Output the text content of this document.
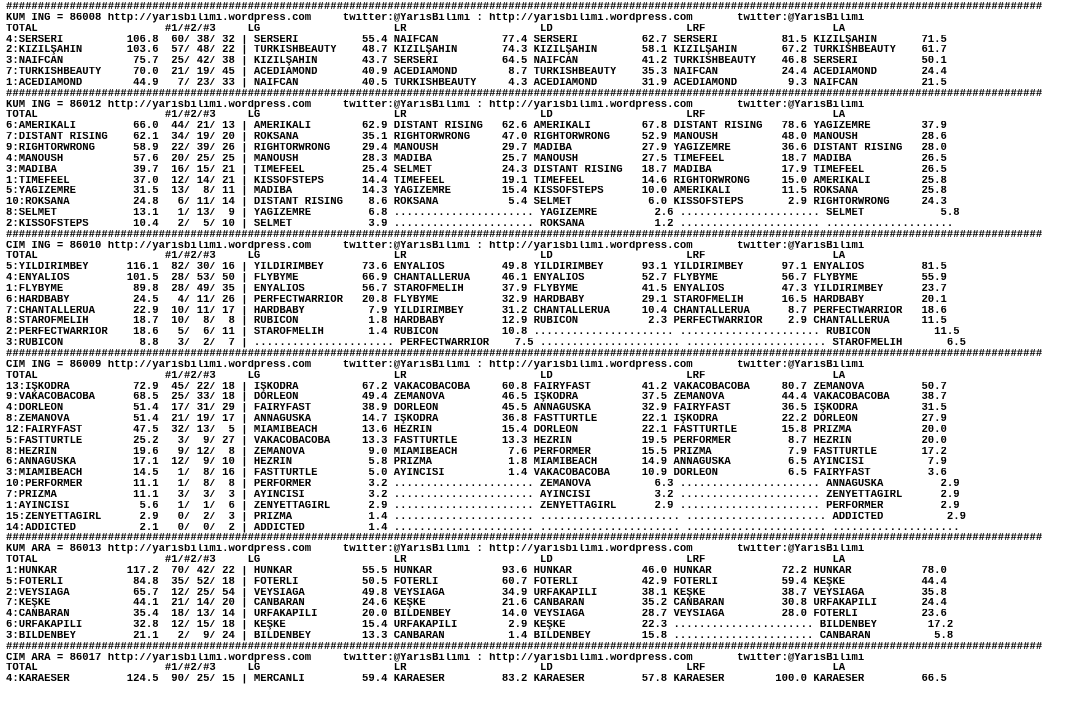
###################################################################################################################################################################
KUM ING = 86008 http://yarisbilimi.wordpress.com     twitter:@YarisBilimi : http://yarisbilimi.wordpress.com       twitter:@YarisBilimi
TOTAL                    #1/#2/#3     LG                     LR                     LD                     LRF                    LA
4:SERSERİ          106.8  60/ 38/ 32 | SERSERİ          55.4 NAİFCAN          77.4 SERSERİ          62.7 SERSERİ          81.5 KIZILŞAHİN       71.5
2:KIZILŞAHİN       103.6  57/ 48/ 22 | TURKISHBEAUTY    48.7 KIZILŞAHİN       74.3 KIZILŞAHİN       58.1 KIZILŞAHİN       67.2 TURKISHBEAUTY    61.7
3:NAİFCAN           75.7  25/ 42/ 38 | KIZILŞAHİN       43.7 SERSERİ          64.5 NAİFCAN          41.2 TURKISHBEAUTY    46.8 SERSERİ          50.1
7:TURKISHBEAUTY     70.0  21/ 19/ 45 | ACEDIAMOND       40.9 ACEDIAMOND        8.7 TURKISHBEAUTY    35.3 NAİFCAN          24.4 ACEDIAMOND       24.4
1:ACEDIAMOND        44.9   7/ 23/ 33 | NAİFCAN          40.5 TURKISHBEAUTY     4.3 ACEDIAMOND       31.9 ACEDIAMOND        9.3 NAİFCAN          21.5
###################################################################################################################################################################
KUM ING = 86012 http://yarisbilimi.wordpress.com     twitter:@YarisBilimi : http://yarisbilimi.wordpress.com       twitter:@YarisBilimi
TOTAL                    #1/#2/#3     LG                     LR                     LD                     LRF                    LA
6:AMERİKALI         66.0  44/ 21/ 13 | AMERİKALI        62.9 DISTANT RISING   62.6 AMERİKALI        67.8 DISTANT RISING   78.6 YAĞIZEMRE        37.9
7:DISTANT RISING    62.1  34/ 19/ 20 | ROKSANA          35.1 RIGHTORWRONG     47.0 RIGHTORWRONG     52.9 MANOUSH          48.0 MANOUSH          28.6
9:RIGHTORWRONG      58.9  22/ 39/ 26 | RIGHTORWRONG     29.4 MANOUSH          29.7 MADIBA           27.9 YAĞIZEMRE        36.6 DISTANT RISING   28.0
4:MANOUSH           57.6  20/ 25/ 25 | MANOUSH          28.3 MADIBA           25.7 MANOUSH          27.5 TIMEFEEL         18.7 MADIBA           26.5
3:MADIBA            39.7  16/ 15/ 21 | TIMEFEEL         25.4 SELMET           24.3 DISTANT RISING   18.7 MADIBA           17.9 TIMEFEEL         26.5
1:TIMEFEEL          37.0  12/ 14/ 21 | KISSOFSTEPS      14.4 TIMEFEEL         19.1 TIMEFEEL         14.6 RIGHTORWRONG     15.0 AMERİKALI        25.8
5:YAĞIZEMRE         31.5  13/  8/ 11 | MADIBA           14.3 YAĞIZEMRE        15.4 KISSOFSTEPS      10.0 AMERİKALI        11.5 ROKSANA          25.8
10:ROKSANA          24.8   6/ 11/ 14 | DISTANT RISING    8.6 ROKSANA           5.4 SELMET            6.0 KISSOFSTEPS       2.9 RIGHTORWRONG     24.3
8:SELMET            13.1   1/ 13/  9 | YAĞIZEMRE         6.8 ...................... YAĞIZEMRE         2.6 ...................... SELMET            5.8
2:KISSOFSTEPS       10.4   2/  5/ 10 | SELMET            3.9 ...................... ROKSANA           1.2 ...................... ....................
###################################################################################################################################################################
CIM ING = 86010 http://yarisbilimi.wordpress.com     twitter:@YarisBilimi : http://yarisbilimi.wordpress.com       twitter:@YarisBilimi
TOTAL                    #1/#2/#3     LG                     LR                     LD                     LRF                    LA
5:YILDIRIMBEY      116.1  82/ 30/ 16 | YILDIRIMBEY      73.6 ENYALIOS         49.8 YILDIRIMBEY      93.1 YILDIRIMBEY      97.1 ENYALIOS         81.5
4:ENYALIOS         101.5  28/ 53/ 50 | FLYBYME          66.9 CHANTALLERUA     46.1 ENYALIOS         52.7 FLYBYME          56.7 FLYBYME          55.9
1:FLYBYME           89.8  28/ 49/ 35 | ENYALIOS         56.7 STAROFMELİH      37.9 FLYBYME          41.5 ENYALIOS         47.3 YILDIRIMBEY      23.7
6:HARDBABY          24.5   4/ 11/ 26 | PERFECTWARRIOR   20.8 FLYBYME          32.9 HARDBABY         29.1 STAROFMELİH      16.5 HARDBABY         20.1
7:CHANTALLERUA      22.9  10/ 11/ 17 | HARDBABY          7.9 YILDIRIMBEY      31.2 CHANTALLERUA     10.4 CHANTALLERUA      8.7 PERFECTWARRIOR   18.6
8:STAROFMELİH       18.7  10/  8/  8 | RUBICON           1.8 HARDBABY         12.9 RUBICON           2.3 PERFECTWARRIOR    2.9 CHANTALLERUA     11.5
2:PERFECTWARRIOR    18.6   5/  6/ 11 | STAROFMELİH       1.4 RUBICON          10.8 ...................... ...................... RUBICON          11.5
3:RUBICON            8.8   3/  2/  7 | ...................... PERFECTWARRIOR    7.5 ...................... ...................... STAROFMELİH       6.5
###################################################################################################################################################################
CIM ING = 86009 http://yarisbilimi.wordpress.com     twitter:@YarisBilimi : http://yarisbilimi.wordpress.com       twitter:@YarisBilimi
TOTAL                    #1/#2/#3     LG                     LR                     LD                     LRF                    LA
13:İŞKODRA          72.9  45/ 22/ 18 | İŞKODRA          67.2 VAKACOBACOBA     60.8 FAIRYFAST        41.2 VAKACOBACOBA     80.7 ZEMANOVA         50.7
9:VAKACOBACOBA      68.5  25/ 33/ 18 | DORLEON          49.4 ZEMANOVA         46.5 İŞKODRA          37.5 ZEMANOVA         44.4 VAKACOBACOBA     38.7
4:DORLEON           51.4  17/ 31/ 29 | FAIRYFAST        38.9 DORLEON          45.5 ANNAGUSKA        32.9 FAIRYFAST        36.5 İŞKODRA          31.5
8:ZEMANOVA          51.4  21/ 19/ 17 | ANNAGUSKA        14.7 İŞKODRA          36.8 FASTTURTLE       22.1 İŞKODRA          22.2 DORLEON          27.9
12:FAIRYFAST        47.5  32/ 13/  5 | MIAMIBEACH       13.6 HEZRİN           15.4 DORLEON          22.1 FASTTURTLE       15.8 PRIZMA           20.0
5:FASTTURTLE        25.2   3/  9/ 27 | VAKACOBACOBA     13.3 FASTTURTLE       13.3 HEZRİN           19.5 PERFORMER         8.7 HEZRİN           20.0
8:HEZRİN            19.6   9/ 12/  8 | ZEMANOVA          9.0 MIAMIBEACH        7.6 PERFORMER        15.5 PRIZMA            7.9 FASTTURTLE       17.2
6:ANNAGUSKA         17.1  12/  9/ 10 | HEZRİN            5.8 PRIZMA            1.8 MIAMIBEACH       14.9 ANNAGUSKA         6.5 AYİNCİSİ          7.9
3:MIAMIBEACH        14.5   1/  8/ 16 | FASTTURTLE        5.0 AYİNCİSİ          1.4 VAKACOBACOBA     10.9 DORLEON           6.5 FAIRYFAST         3.6
10:PERFORMER        11.1   1/  8/  8 | PERFORMER         3.2 ...................... ZEMANOVA          6.3 ...................... ANNAGUSKA         2.9
7:PRIZMA            11.1   3/  3/  3 | AYİNCİSİ          3.2 ...................... AYİNCİSİ          3.2 ...................... ZENYETTAGIRL      2.9
1:AYİNCİSİ           5.6   1/  1/  6 | ZENYETTAGIRL      2.9 ...................... ZENYETTAGIRL      2.9 ...................... PERFORMER         2.9
15:ZENYETTAGIRL      2.9   0/  2/  3 | PRIZMA            1.4 ...................... ...................... ...................... ADDICTED          2.9
14:ADDICTED          2.1   0/  0/  2 | ADDICTED          1.4 ...................... ...................... ...................... ....................
###################################################################################################################################################################
KUM ARA = 86013 http://yarisbilimi.wordpress.com     twitter:@YarisBilimi : http://yarisbilimi.wordpress.com       twitter:@YarisBilimi
TOTAL                    #1/#2/#3     LG                     LR                     LD                     LRF                    LA
1:HÜNKAR           117.2  70/ 42/ 22 | HÜNKAR           55.5 HÜNKAR           93.6 HÜNKAR           46.0 HÜNKAR           72.2 HÜNKAR           78.0
5:FOTERLİ           84.8  35/ 52/ 18 | FOTERLİ          50.5 FOTERLİ          60.7 FOTERLİ          42.9 FOTERLİ          59.4 KEŞKE            44.4
2:VEYSİAĞA          65.7  12/ 25/ 54 | VEYSİAĞA         49.8 VEYSİAĞA         34.9 URFAKAPILI       38.1 KEŞKE            38.7 VEYSİAĞA         35.8
7:KEŞKE             44.1  21/ 14/ 20 | CANBARAN         24.6 KEŞKE            21.6 CANBARAN         35.2 CANBARAN         30.8 URFAKAPILI       24.4
4:CANBARAN          35.4  18/ 13/ 14 | URFAKAPILI       20.0 BİLDENBEY        14.0 VEYSİAĞA         28.7 VEYSİAĞA         28.0 FOTERLİ          23.6
6:URFAKAPILI        32.8  12/ 15/ 18 | KEŞKE            15.4 URFAKAPILI        2.9 KEŞKE            22.3 ...................... BİLDENBEY        17.2
3:BİLDENBEY         21.1   2/  9/ 24 | BİLDENBEY        13.3 CANBARAN          1.4 BİLDENBEY        15.8 ...................... CANBARAN          5.8
###################################################################################################################################################################
CIM ARA = 86017 http://yarisbilimi.wordpress.com     twitter:@YarisBilimi : http://yarisbilimi.wordpress.com       twitter:@YarisBilimi
TOTAL                    #1/#2/#3     LG                     LR                     LD                     LRF                    LA
4:KARAESER         124.5  90/ 25/ 15 | MERCANLI         59.4 KARAESER         83.2 KARAESER         57.8 KARAESER        100.0 KARAESER         66.5
